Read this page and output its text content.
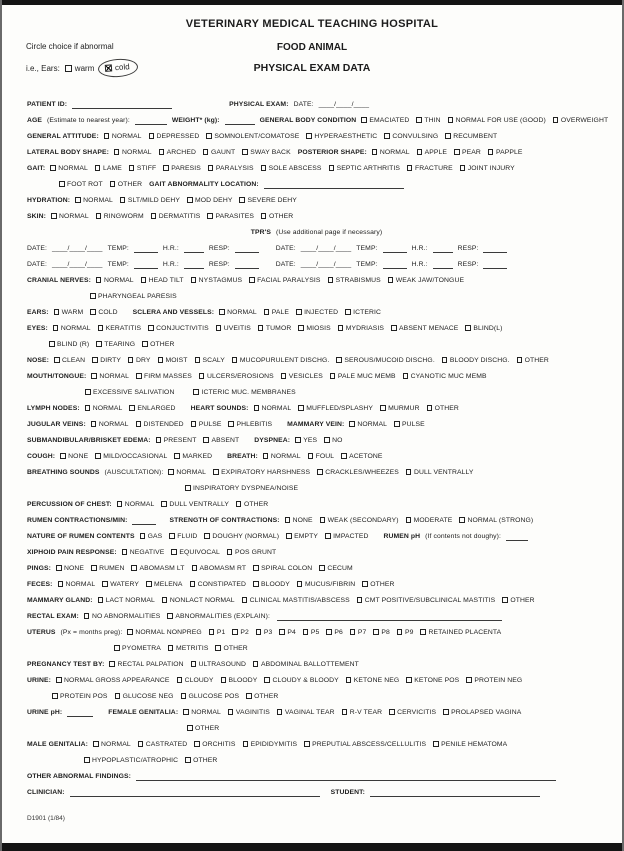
VETERINARY MEDICAL TEACHING HOSPITAL
FOOD ANIMAL
PHYSICAL EXAM DATA
Circle choice if abnormal
i.e., Ears: warm	cold
PATIENT ID:	PHYSICAL EXAM: DATE: ____/____/____
AGE (Estimate to nearest year):	WEIGHT* (kg):	GENERAL BODY CONDITION EMACIATED THIN NORMAL FOR USE (GOOD) OVERWEIGHT
GENERAL ATTITUDE: NORMAL DEPRESSED SOMNOLENT/COMATOSE HYPERAESTHETIC CONVULSING RECUMBENT
LATERAL BODY SHAPE: NORMAL ARCHED GAUNT SWAY BACK POSTERIOR SHAPE: NORMAL APPLE PEAR PAPPLE
GAIT: NORMAL LAME STIFF PARESIS PARALYSIS SOLE ABSCESS SEPTIC ARTHRITIS FRACTURE JOINT INJURY
FOOT ROT OTHER GAIT ABNORMALITY LOCATION:
HYDRATION: NORMAL SLT/MILD DEHY MOD DEHY SEVERE DEHY
SKIN: NORMAL RINGWORM DERMATITIS PARASITES OTHER
TPR'S (Use additional page if necessary)
DATE: ____/____/____ TEMP:	H.R.:	RESP:	DATE: ____/____/____ TEMP:	H.R.:	RESP:
DATE: ____/____/____ TEMP:	H.R.:	RESP:	DATE: ____/____/____ TEMP:	H.R.:	RESP:
CRANIAL NERVES: NORMAL HEAD TILT NYSTAGMUS FACIAL PARALYSIS STRABISMUS WEAK JAW/TONGUE
PHARYNGEAL PARESIS
EARS: WARM COLD SCLERA AND VESSELS: NORMAL PALE INJECTED ICTERIC
EYES: NORMAL KERATITIS CONJUCTIVITIS UVEITIS TUMOR MIOSIS MYDRIASIS ABSENT MENACE BLIND(L)
BLIND (R) TEARING OTHER
NOSE: CLEAN DIRTY DRY MOIST SCALY MUCOPURULENT DISCHG. SEROUS/MUCOID DISCHG. BLOODY DISCHG. OTHER
MOUTH/TONGUE: NORMAL FIRM MASSES ULCERS/EROSIONS VESICLES PALE MUC MEMB CYANOTIC MUC MEMB
EXCESSIVE SALIVATION	ICTERIC MUC. MEMBRANES
LYMPH NODES: NORMAL ENLARGED HEART SOUNDS: NORMAL MUFFLED/SPLASHY MURMUR OTHER
JUGULAR VEINS: NORMAL DISTENDED PULSE PHLEBITIS MAMMARY VEIN: NORMAL PULSE
SUBMANDIBULAR/BRISKET EDEMA: PRESENT ABSENT DYSPNEA: YES NO
COUGH: NONE MILD/OCCASIONAL MARKED BREATH: NORMAL FOUL ACETONE
BREATHING SOUNDS (AUSCULTATION): NORMAL EXPIRATORY HARSHNESS CRACKLES/WHEEZES DULL VENTRALLY
INSPIRATORY DYSPNEA/NOISE
PERCUSSION OF CHEST: NORMAL DULL VENTRALLY OTHER
RUMEN CONTRACTIONS/MIN:	STRENGTH OF CONTRACTIONS: NONE WEAK (SECONDARY) MODERATE NORMAL (STRONG)
NATURE OF RUMEN CONTENTS GAS FLUID DOUGHY (NORMAL) EMPTY IMPACTED RUMEN pH (If contents not doughy):
XIPHOID PAIN RESPONSE: NEGATIVE EQUIVOCAL POS GRUNT
PINGS: NONE RUMEN ABOMASM LT ABOMASM RT SPIRAL COLON CECUM
FECES: NORMAL WATERY MELENA CONSTIPATED BLOODY MUCUS/FIBRIN OTHER
MAMMARY GLAND: LACT NORMAL NONLACT NORMAL CLINICAL MASTITIS/ABSCESS CMT POSITIVE/SUBCLINICAL MASTITIS OTHER
RECTAL EXAM: NO ABNORMALITIES ABNORMALITIES (EXPLAIN):
UTERUS (Px = months preg): NORMAL NONPREG P1 P2 P3 P4 P5 P6 P7 P8 P9 RETAINED PLACENTA
PYOMETRA METRITIS OTHER
PREGNANCY TEST BY: RECTAL PALPATION ULTRASOUND ABDOMINAL BALLOTTEMENT
URINE: NORMAL GROSS APPEARANCE CLOUDY BLOODY CLOUDY & BLOODY KETONE NEG KETONE POS PROTEIN NEG
PROTEIN POS GLUCOSE NEG GLUCOSE POS OTHER
URINE pH:	FEMALE GENITALIA: NORMAL VAGINITIS VAGINAL TEAR R-V TEAR CERVICITIS PROLAPSED VAGINA
OTHER
MALE GENITALIA: NORMAL CASTRATED ORCHITIS EPIDIDYMITIS PREPUTIAL ABSCESS/CELLULITIS PENILE HEMATOMA
HYPOPLASTIC/ATROPHIC OTHER
OTHER ABNORMAL FINDINGS:
CLINICIAN:	STUDENT:
D1901 (1/84)
